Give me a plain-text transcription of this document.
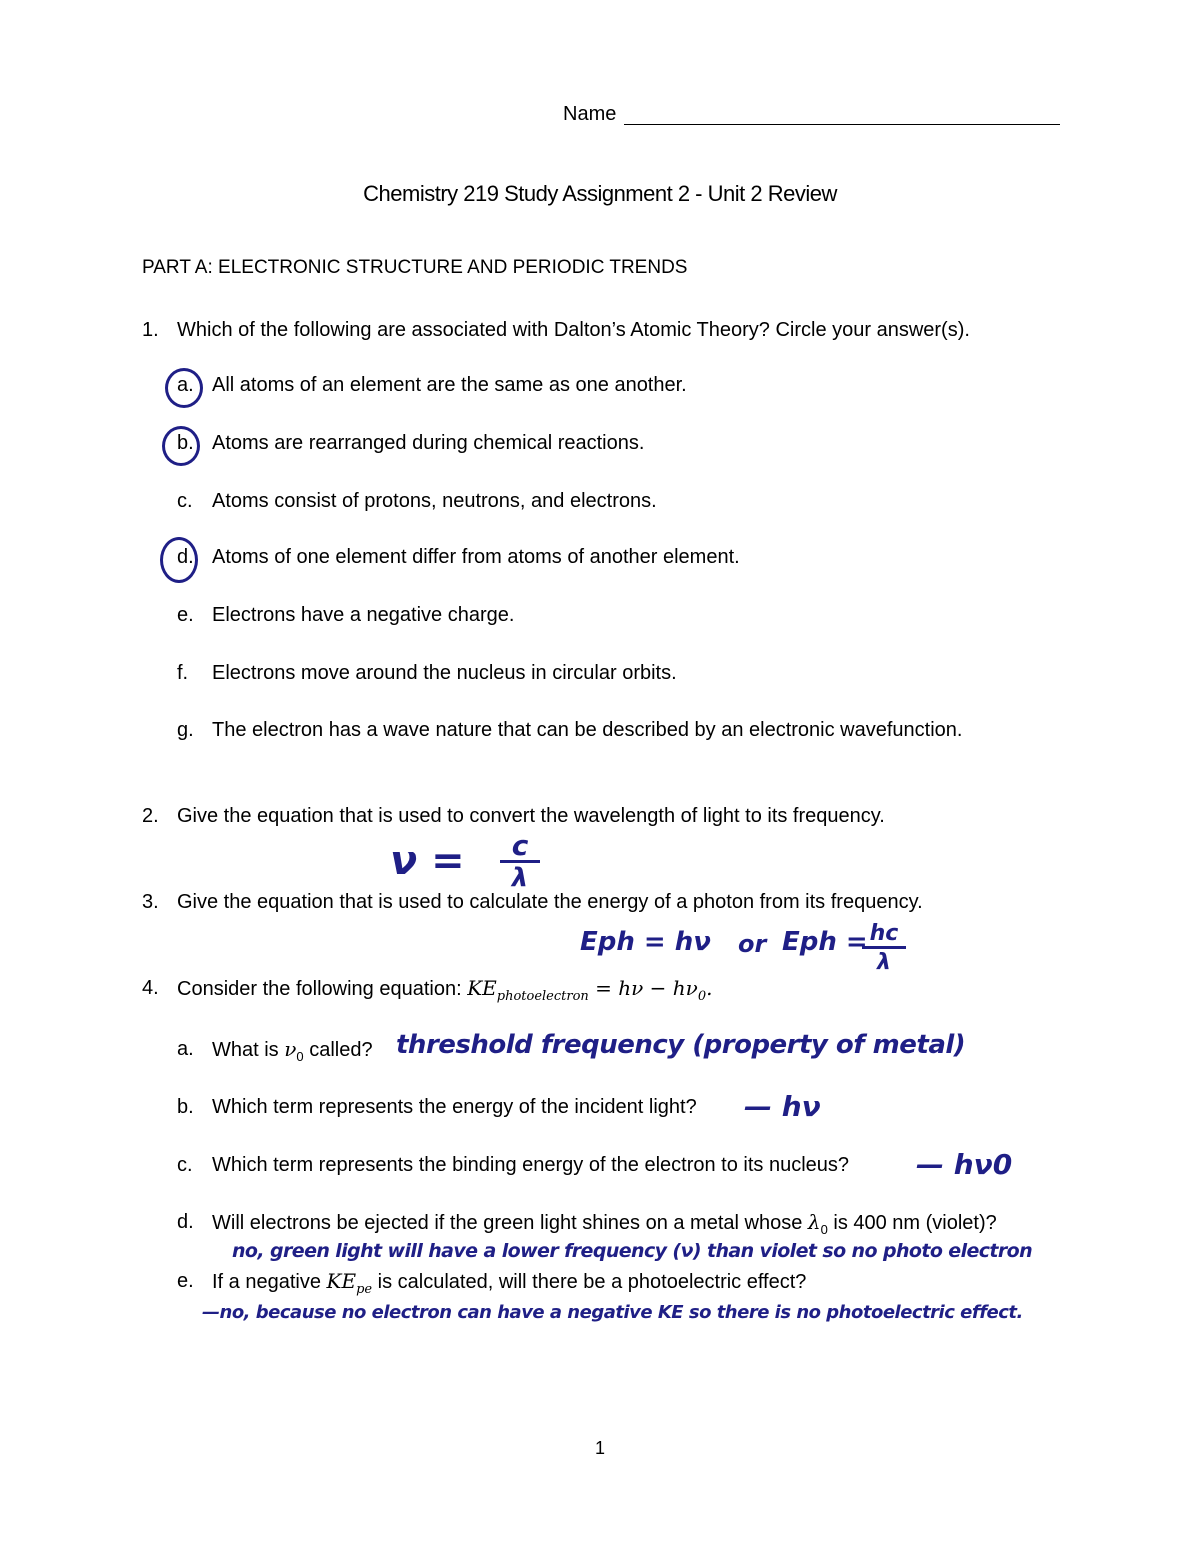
Name
Chemistry 219 Study Assignment 2 - Unit 2 Review
PART A: ELECTRONIC STRUCTURE AND PERIODIC TRENDS
1. Which of the following are associated with Dalton’s Atomic Theory? Circle your answer(s).
a. All atoms of an element are the same as one another.
b. Atoms are rearranged during chemical reactions.
c. Atoms consist of protons, neutrons, and electrons.
d. Atoms of one element differ from atoms of another element.
e. Electrons have a negative charge.
f. Electrons move around the nucleus in circular orbits.
g. The electron has a wave nature that can be described by an electronic wavefunction.
2. Give the equation that is used to convert the wavelength of light to its frequency.
ν =	c
λ
3. Give the equation that is used to calculate the energy of a photon from its frequency.
Eph = hν or Eph = hc
λ
4. Consider the following equation: $KE_{photoelectron} = h\nu - h\nu_0$.
a. What is $\nu_0$ called? threshold frequency (property of metal)
b. Which term represents the energy of the incident light? — hν
c. Which term represents the binding energy of the electron to its nucleus? — hν0
d. Will electrons be ejected if the green light shines on a metal whose $\lambda_0$ is 400 nm (violet)?
no, green light will have a lower frequency (ν) than violet so no photo electron
e. If a negative $KE_{pe}$ is calculated, will there be a photoelectric effect?
—no, because no electron can have a negative KE so there is no photoelectric effect.
1
